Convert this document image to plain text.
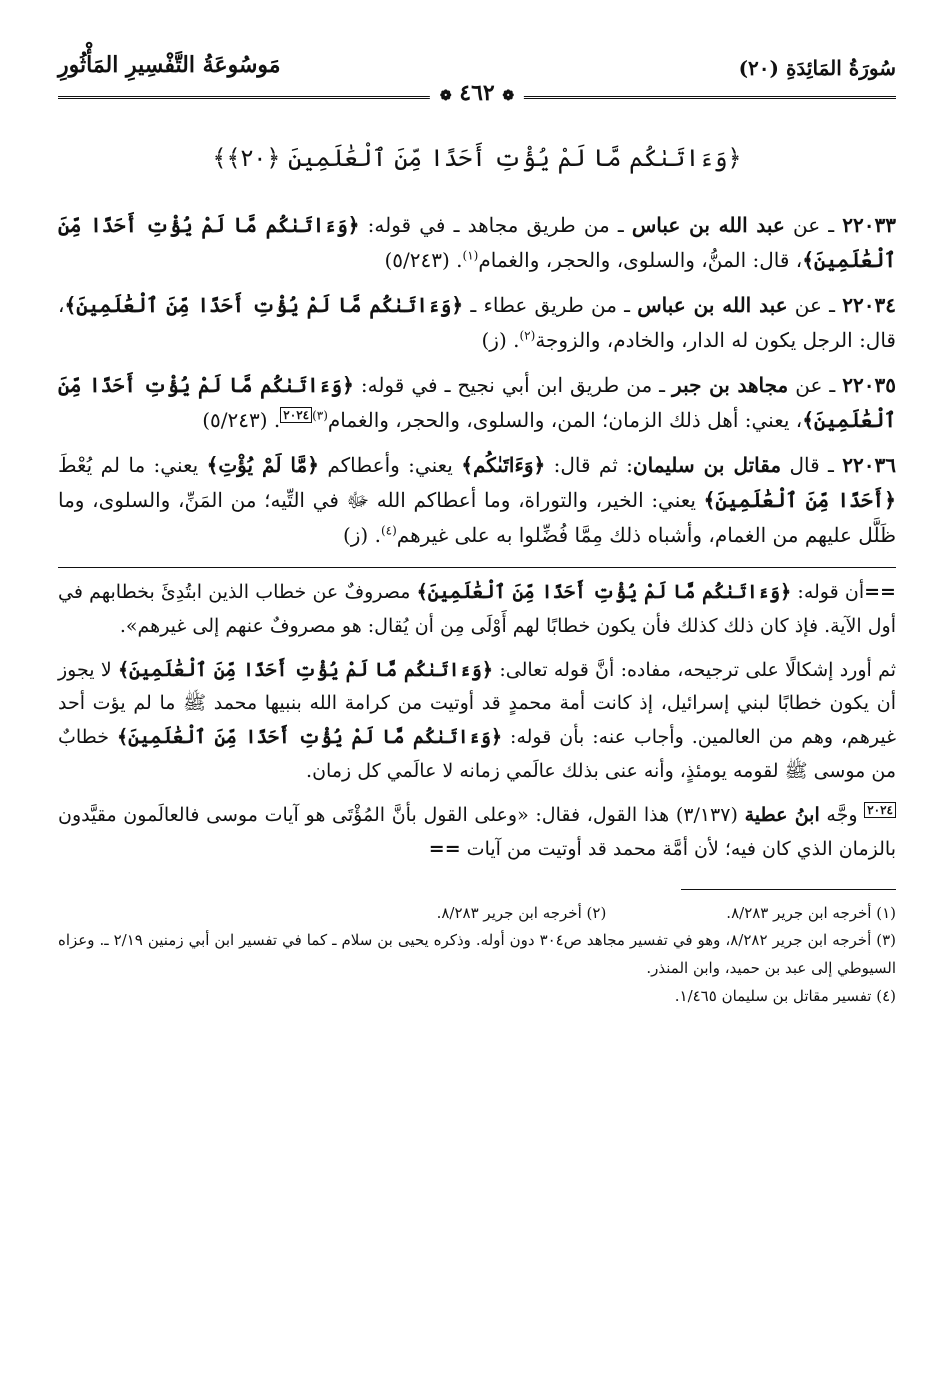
سُورَةُ المَائِدَةِ (٢٠)
مَوسُوعَةُ التَّفْسِيرِ المَأْثُورِ
❁ ٤٦٢ ❁
﴿وَءَاتَىٰكُم مَّا لَمْ يُؤْتِ أَحَدًا مِّنَ ٱلْعَٰلَمِينَ ﴿٢٠﴾﴾

٢٢٠٣٣ ـ عن عبد الله بن عباس ـ من طريق مجاهد ـ في قوله: ﴿وَءَاتَىٰكُم مَّا لَمْ يُؤْتِ أَحَدًا مِّنَ ٱلْعَٰلَمِينَ﴾، قال: المنُّ، والسلوى، والحجر، والغمام$^{(١)}$. (٥/٢٤٣)

٢٢٠٣٤ ـ عن عبد الله بن عباس ـ من طريق عطاء ـ ﴿وَءَاتَىٰكُم مَّا لَمْ يُؤْتِ أَحَدًا مِّنَ ٱلْعَٰلَمِينَ﴾، قال: الرجل يكون له الدار، والخادم، والزوجة$^{(٢)}$. (ز)

٢٢٠٣٥ ـ عن مجاهد بن جبر ـ من طريق ابن أبي نجيح ـ في قوله: ﴿وَءَاتَىٰكُم مَّا لَمْ يُؤْتِ أَحَدًا مِّنَ ٱلْعَٰلَمِينَ﴾، يعني: أهل ذلك الزمان؛ المن، والسلوى، والحجر، والغمام$^{(٣)}$٢٠٢٤. (٥/٢٤٣)

٢٢٠٣٦ ـ قال مقاتل بن سليمان: ثم قال: ﴿وَءَاتَىٰكُم﴾ يعني: وأعطاكم ﴿مَّا لَمْ يُؤْتِ﴾ يعني: ما لم يُعْطَ ﴿أَحَدًا مِّنَ ٱلْعَٰلَمِينَ﴾ يعني: الخير، والتوراة، وما أعطاكم الله ﷻ في التِّيه؛ من المَنِّ، والسلوى، وما ظَلَّل عليهم من الغمام، وأشباه ذلك مِمَّا فُضِّلوا به على غيرهم$^{(٤)}$. (ز)

==أن قوله: ﴿وَءَاتَىٰكُم مَّا لَمْ يُؤْتِ أَحَدًا مِّنَ ٱلْعَٰلَمِينَ﴾ مصروفٌ عن خطاب الذين ابتُدِئَ بخطابهم في أول الآية. فإذ كان ذلك كذلك فأن يكون خطابًا لهم أَوْلَى مِن أن يُقال: هو مصروفٌ عنهم إلى غيرهم».

ثم أورد إشكالًا على ترجيحه، مفاده: أنَّ قوله تعالى: ﴿وَءَاتَىٰكُم مَّا لَمْ يُؤْتِ أَحَدًا مِّنَ ٱلْعَٰلَمِينَ﴾ لا يجوز أن يكون خطابًا لبني إسرائيل، إذ كانت أمة محمدٍ قد أوتيت من كرامة الله بنبيها محمد ﷺ ما لم يؤت أحد غيرهم، وهم من العالمين. وأجاب عنه: بأن قوله: ﴿وَءَاتَىٰكُم مَّا لَمْ يُؤْتِ أَحَدًا مِّنَ ٱلْعَٰلَمِينَ﴾ خطابٌ من موسى ﷺ لقومه يومئذٍ، وأنه عنى بذلك عالَمي زمانه لا عالَمي كل زمان.

٢٠٢٤ وجَّه ابنُ عطية (٣/١٣٧) هذا القول، فقال: «وعلى القول بأنَّ المُؤْتَى هو آيات موسى فالعالَمون مقيَّدون بالزمان الذي كان فيه؛ لأن أمَّة محمد قد أوتيت من آيات ==

(١) أخرجه ابن جرير ٨/٢٨٣.
(٢) أخرجه ابن جرير ٨/٢٨٣.
(٣) أخرجه ابن جرير ٨/٢٨٢، وهو في تفسير مجاهد ص٣٠٤ دون أوله. وذكره يحيى بن سلام ـ كما في تفسير ابن أبي زمنين ٢/١٩ ـ. وعزاه السيوطي إلى عبد بن حميد، وابن المنذر.
(٤) تفسير مقاتل بن سليمان ١/٤٦٥.
